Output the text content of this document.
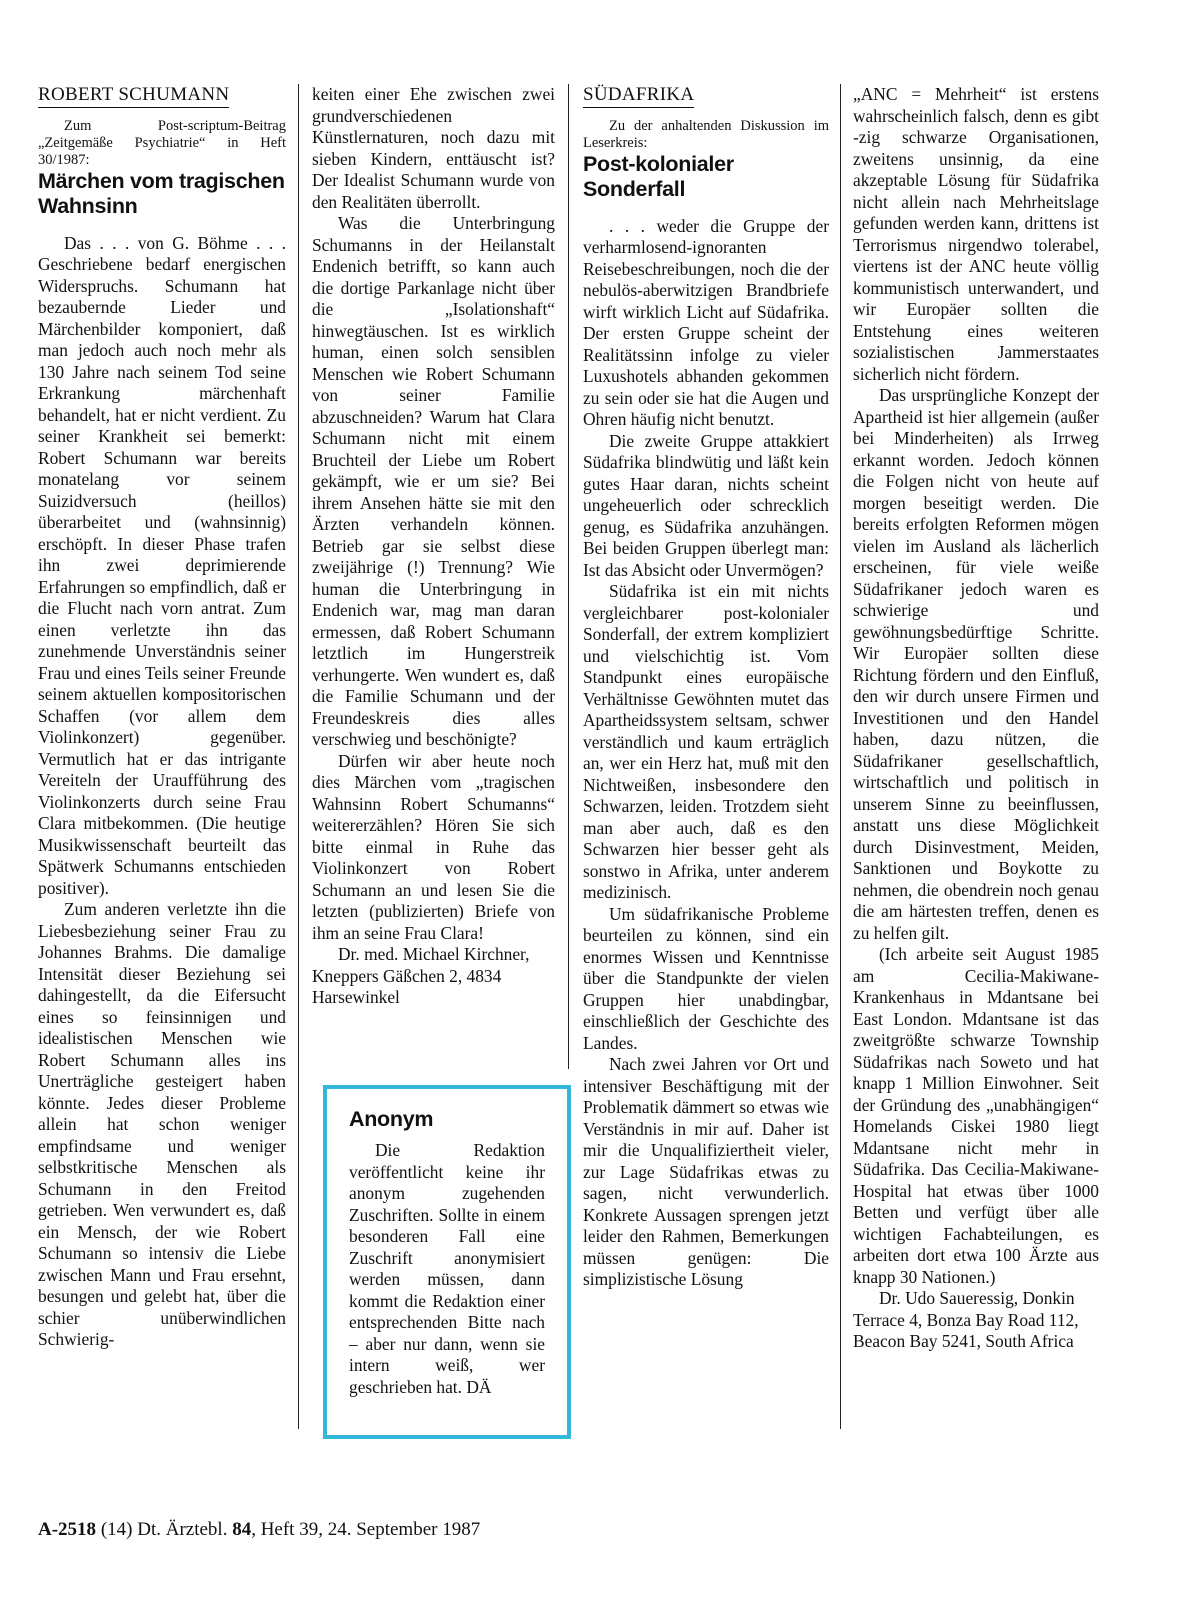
ROBERT SCHUMANN

Zum Post-scriptum-Beitrag „Zeitgemäße Psychiatrie“ in Heft 30/1987:

Märchen vom tragischen Wahnsinn

Das . . . von G. Böhme . . . Geschriebene bedarf energischen Widerspruchs. Schumann hat bezaubernde Lieder und Märchenbilder komponiert, daß man jedoch auch noch mehr als 130 Jahre nach seinem Tod seine Erkrankung märchenhaft behandelt, hat er nicht verdient. Zu seiner Krankheit sei bemerkt: Robert Schumann war bereits monatelang vor seinem Suizidversuch (heillos) überarbeitet und (wahnsinnig) erschöpft. In dieser Phase trafen ihn zwei deprimierende Erfahrungen so empfindlich, daß er die Flucht nach vorn antrat. Zum einen verletzte ihn das zunehmende Unverständnis seiner Frau und eines Teils seiner Freunde seinem aktuellen kompositorischen Schaffen (vor allem dem Violinkonzert) gegenüber. Vermutlich hat er das intrigante Vereiteln der Uraufführung des Violinkonzerts durch seine Frau Clara mitbekommen. (Die heutige Musikwissenschaft beurteilt das Spätwerk Schumanns entschieden positiver).

Zum anderen verletzte ihn die Liebesbeziehung seiner Frau zu Johannes Brahms. Die damalige Intensität dieser Beziehung sei dahingestellt, da die Eifersucht eines so feinsinnigen und idealistischen Menschen wie Robert Schumann alles ins Unerträgliche gesteigert haben könnte. Jedes dieser Probleme allein hat schon weniger empfindsame und weniger selbstkritische Menschen als Schumann in den Freitod getrieben. Wen verwundert es, daß ein Mensch, der wie Robert Schumann so intensiv die Liebe zwischen Mann und Frau ersehnt, besungen und gelebt hat, über die schier unüberwindlichen Schwierig-

keiten einer Ehe zwischen zwei grundverschiedenen Künstlernaturen, noch dazu mit sieben Kindern, enttäuscht ist? Der Idealist Schumann wurde von den Realitäten überrollt.

Was die Unterbringung Schumanns in der Heilanstalt Endenich betrifft, so kann auch die dortige Parkanlage nicht über die „Isolationshaft“ hinwegtäuschen. Ist es wirklich human, einen solch sensiblen Menschen wie Robert Schumann von seiner Familie abzuschneiden? Warum hat Clara Schumann nicht mit einem Bruchteil der Liebe um Robert gekämpft, wie er um sie? Bei ihrem Ansehen hätte sie mit den Ärzten verhandeln können. Betrieb gar sie selbst diese zweijährige (!) Trennung? Wie human die Unterbringung in Endenich war, mag man daran ermessen, daß Robert Schumann letztlich im Hungerstreik verhungerte. Wen wundert es, daß die Familie Schumann und der Freundeskreis dies alles verschwieg und beschönigte?

Dürfen wir aber heute noch dies Märchen vom „tragischen Wahnsinn Robert Schumanns“ weitererzählen? Hören Sie sich bitte einmal in Ruhe das Violinkonzert von Robert Schumann an und lesen Sie die letzten (publizierten) Briefe von ihm an seine Frau Clara!

Dr. med. Michael Kirchner, Kneppers Gäßchen 2, 4834 Harsewinkel

Anonym

Die Redaktion veröffentlicht keine ihr anonym zugehenden Zuschriften. Sollte in einem besonderen Fall eine Zuschrift anonymisiert werden müssen, dann kommt die Redaktion einer entsprechenden Bitte nach – aber nur dann, wenn sie intern weiß, wer geschrieben hat. DÄ

SÜDAFRIKA

Zu der anhaltenden Diskussion im Leserkreis:

Post-kolonialer Sonderfall

. . . weder die Gruppe der verharmlosend-ignoranten Reisebeschreibungen, noch die der nebulös-aberwitzigen Brandbriefe wirft wirklich Licht auf Südafrika. Der ersten Gruppe scheint der Realitätssinn infolge zu vieler Luxushotels abhanden gekommen zu sein oder sie hat die Augen und Ohren häufig nicht benutzt.

Die zweite Gruppe attakkiert Südafrika blindwütig und läßt kein gutes Haar daran, nichts scheint ungeheuerlich oder schrecklich genug, es Südafrika anzuhängen. Bei beiden Gruppen überlegt man: Ist das Absicht oder Unvermögen?

Südafrika ist ein mit nichts vergleichbarer post-kolonialer Sonderfall, der extrem kompliziert und vielschichtig ist. Vom Standpunkt eines europäische Verhältnisse Gewöhnten mutet das Apartheidssystem seltsam, schwer verständlich und kaum erträglich an, wer ein Herz hat, muß mit den Nichtweißen, insbesondere den Schwarzen, leiden. Trotzdem sieht man aber auch, daß es den Schwarzen hier besser geht als sonstwo in Afrika, unter anderem medizinisch.

Um südafrikanische Probleme beurteilen zu können, sind ein enormes Wissen und Kenntnisse über die Standpunkte der vielen Gruppen hier unabdingbar, einschließlich der Geschichte des Landes.

Nach zwei Jahren vor Ort und intensiver Beschäftigung mit der Problematik dämmert so etwas wie Verständnis in mir auf. Daher ist mir die Unqualifiziertheit vieler, zur Lage Südafrikas etwas zu sagen, nicht verwunderlich. Konkrete Aussagen sprengen jetzt leider den Rahmen, Bemerkungen müssen genügen: Die simplizistische Lösung

„ANC = Mehrheit“ ist erstens wahrscheinlich falsch, denn es gibt -zig schwarze Organisationen, zweitens unsinnig, da eine akzeptable Lösung für Südafrika nicht allein nach Mehrheitslage gefunden werden kann, drittens ist Terrorismus nirgendwo tolerabel, viertens ist der ANC heute völlig kommunistisch unterwandert, und wir Europäer sollten die Entstehung eines weiteren sozialistischen Jammerstaates sicherlich nicht fördern.

Das ursprüngliche Konzept der Apartheid ist hier allgemein (außer bei Minderheiten) als Irrweg erkannt worden. Jedoch können die Folgen nicht von heute auf morgen beseitigt werden. Die bereits erfolgten Reformen mögen vielen im Ausland als lächerlich erscheinen, für viele weiße Südafrikaner jedoch waren es schwierige und gewöhnungsbedürftige Schritte. Wir Europäer sollten diese Richtung fördern und den Einfluß, den wir durch unsere Firmen und Investitionen und den Handel haben, dazu nützen, die Südafrikaner gesellschaftlich, wirtschaftlich und politisch in unserem Sinne zu beeinflussen, anstatt uns diese Möglichkeit durch Disinvestment, Meiden, Sanktionen und Boykotte zu nehmen, die obendrein noch genau die am härtesten treffen, denen es zu helfen gilt.

(Ich arbeite seit August 1985 am Cecilia-Makiwane-Krankenhaus in Mdantsane bei East London. Mdantsane ist das zweitgrößte schwarze Township Südafrikas nach Soweto und hat knapp 1 Million Einwohner. Seit der Gründung des „unabhängigen“ Homelands Ciskei 1980 liegt Mdantsane nicht mehr in Südafrika. Das Cecilia-Makiwane-Hospital hat etwas über 1000 Betten und verfügt über alle wichtigen Fachabteilungen, es arbeiten dort etwa 100 Ärzte aus knapp 30 Nationen.)

Dr. Udo Saueressig, Donkin Terrace 4, Bonza Bay Road 112, Beacon Bay 5241, South Africa

A-2518 (14) Dt. Ärztebl. 84, Heft 39, 24. September 1987
